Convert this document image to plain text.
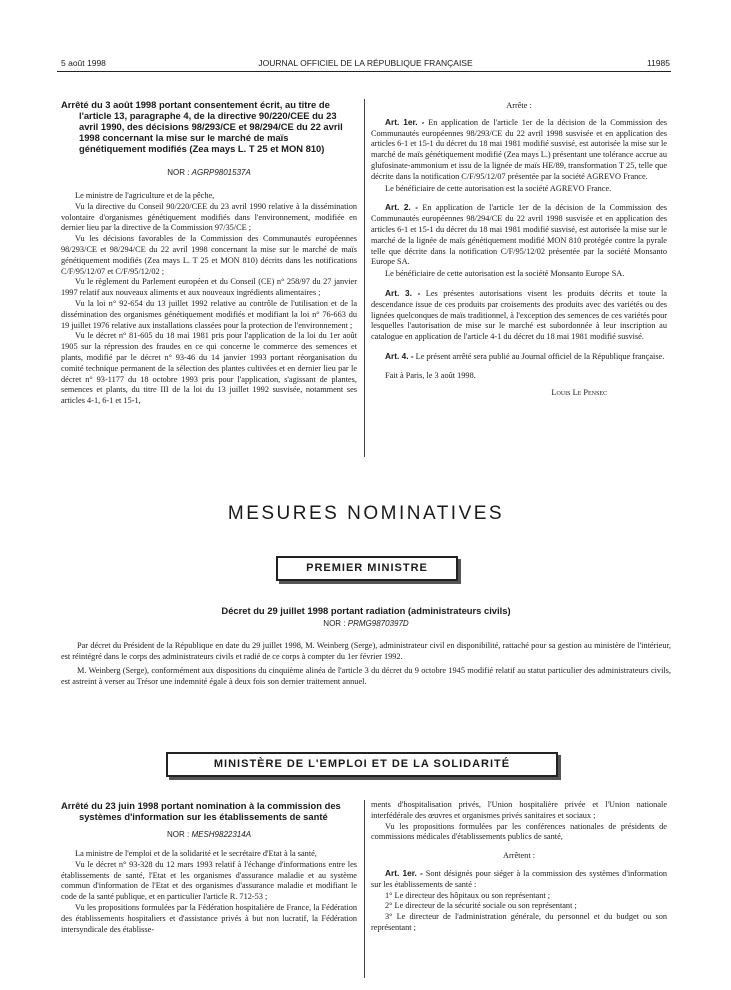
5 août 1998	JOURNAL OFFICIEL DE LA RÉPUBLIQUE FRANÇAISE	11985
Arrêté du 3 août 1998 portant consentement écrit, au titre de l'article 13, paragraphe 4, de la directive 90/220/CEE du 23 avril 1990, des décisions 98/293/CE et 98/294/CE du 22 avril 1998 concernant la mise sur le marché de maïs génétiquement modifiés (Zea mays L. T 25 et MON 810)
NOR : AGRP9801537A

Le ministre de l'agriculture et de la pêche,

Vu la directive du Conseil 90/220/CEE du 23 avril 1990 relative à la dissémination volontaire d'organismes génétiquement modifiés dans l'environnement, modifiée en dernier lieu par la directive de la Commission 97/35/CE ;

Vu les décisions favorables de la Commission des Communautés européennes 98/293/CE et 98/294/CE du 22 avril 1998 concernant la mise sur le marché de maïs génétiquement modifiés (Zea mays L. T 25 et MON 810) décrits dans les notifications C/F/95/12/07 et C/F/95/12/02 ;

Vu le règlement du Parlement européen et du Conseil (CE) n° 258/97 du 27 janvier 1997 relatif aux nouveaux aliments et aux nouveaux ingrédients alimentaires ;

Vu la loi n° 92-654 du 13 juillet 1992 relative au contrôle de l'utilisation et de la dissémination des organismes génétiquement modifiés et modifiant la loi n° 76-663 du 19 juillet 1976 relative aux installations classées pour la protection de l'environnement ;

Vu le décret n° 81-605 du 18 mai 1981 pris pour l'application de la loi du 1er août 1905 sur la répression des fraudes en ce qui concerne le commerce des semences et plants, modifié par le décret n° 93-46 du 14 janvier 1993 portant réorganisation du comité technique permanent de la sélection des plantes cultivées et en dernier lieu par le décret n° 93-1177 du 18 octobre 1993 pris pour l'application, s'agissant de plantes, semences et plants, du titre III de la loi du 13 juillet 1992 susvisée, notamment ses articles 4-1, 6-1 et 15-1,

Arrête :

Art. 1er. - En application de l'article 1er de la décision de la Commission des Communautés européennes 98/293/CE du 22 avril 1998 susvisée et en application des articles 6-1 et 15-1 du décret du 18 mai 1981 modifié susvisé, est autorisée la mise sur le marché de maïs génétiquement modifié (Zea mays L.) présentant une tolérance accrue au glufosinate-ammonium et issu de la lignée de maïs HE/89, transformation T 25, telle que décrite dans la notification C/F/95/12/07 présentée par la société AGREVO France.

Le bénéficiaire de cette autorisation est la société AGREVO France.

Art. 2. - En application de l'article 1er de la décision de la Commission des Communautés européennes 98/294/CE du 22 avril 1998 susvisée et en application des articles 6-1 et 15-1 du décret du 18 mai 1981 modifié susvisé, est autorisée la mise sur le marché de la lignée de maïs génétiquement modifié MON 810 protégée contre la pyrale telle que décrite dans la notification C/F/95/12/02 présentée par la société Monsanto Europe SA.

Le bénéficiaire de cette autorisation est la société Monsanto Europe SA.

Art. 3. - Les présentes autorisations visent les produits décrits et toute la descendance issue de ces produits par croisements des produits avec des variétés ou des lignées quelconques de maïs traditionnel, à l'exception des semences de ces variétés pour lesquelles l'autorisation de mise sur le marché est subordonnée à leur inscription au catalogue en application de l'article 4-1 du décret du 18 mai 1981 modifié susvisé.

Art. 4. - Le présent arrêté sera publié au Journal officiel de la République française.

Fait à Paris, le 3 août 1998.

Louis Le Pensec
MESURES NOMINATIVES
PREMIER MINISTRE
Décret du 29 juillet 1998 portant radiation (administrateurs civils)
NOR : PRMG9870397D

Par décret du Président de la République en date du 29 juillet 1998, M. Weinberg (Serge), administrateur civil en disponibilité, rattaché pour sa gestion au ministère de l'intérieur, est réintégré dans le corps des administrateurs civils et radié de ce corps à compter du 1er février 1992.

M. Weinberg (Serge), conformément aux dispositions du cinquième alinéa de l'article 3 du décret du 9 octobre 1945 modifié relatif au statut particulier des administrateurs civils, est astreint à verser au Trésor une indemnité égale à deux fois son dernier traitement annuel.

MINISTÈRE DE L'EMPLOI ET DE LA SOLIDARITÉ
Arrêté du 23 juin 1998 portant nomination à la commission des systèmes d'information sur les établissements de santé
NOR : MESH9822314A

La ministre de l'emploi et de la solidarité et le secrétaire d'Etat à la santé,

Vu le décret n° 93-328 du 12 mars 1993 relatif à l'échange d'informations entre les établissements de santé, l'Etat et les organismes d'assurance maladie et au système commun d'information de l'Etat et des organismes d'assurance maladie et modifiant le code de la santé publique, et en particulier l'article R. 712-53 ;

Vu les propositions formulées par la Fédération hospitalière de France, la Fédération des établissements hospitaliers et d'assistance privés à but non lucratif, la Fédération intersyndicale des établisse-

ments d'hospitalisation privés, l'Union hospitalière privée et l'Union nationale interfédérale des œuvres et organismes privés sanitaires et sociaux ;

Vu les propositions formulées par les conférences nationales de présidents de commissions médicales d'établissements publics de santé,

Arrêtent :

Art. 1er. - Sont désignés pour siéger à la commission des systèmes d'information sur les établissements de santé :

1° Le directeur des hôpitaux ou son représentant ;

2° Le directeur de la sécurité sociale ou son représentant ;

3° Le directeur de l'administration générale, du personnel et du budget ou son représentant ;
